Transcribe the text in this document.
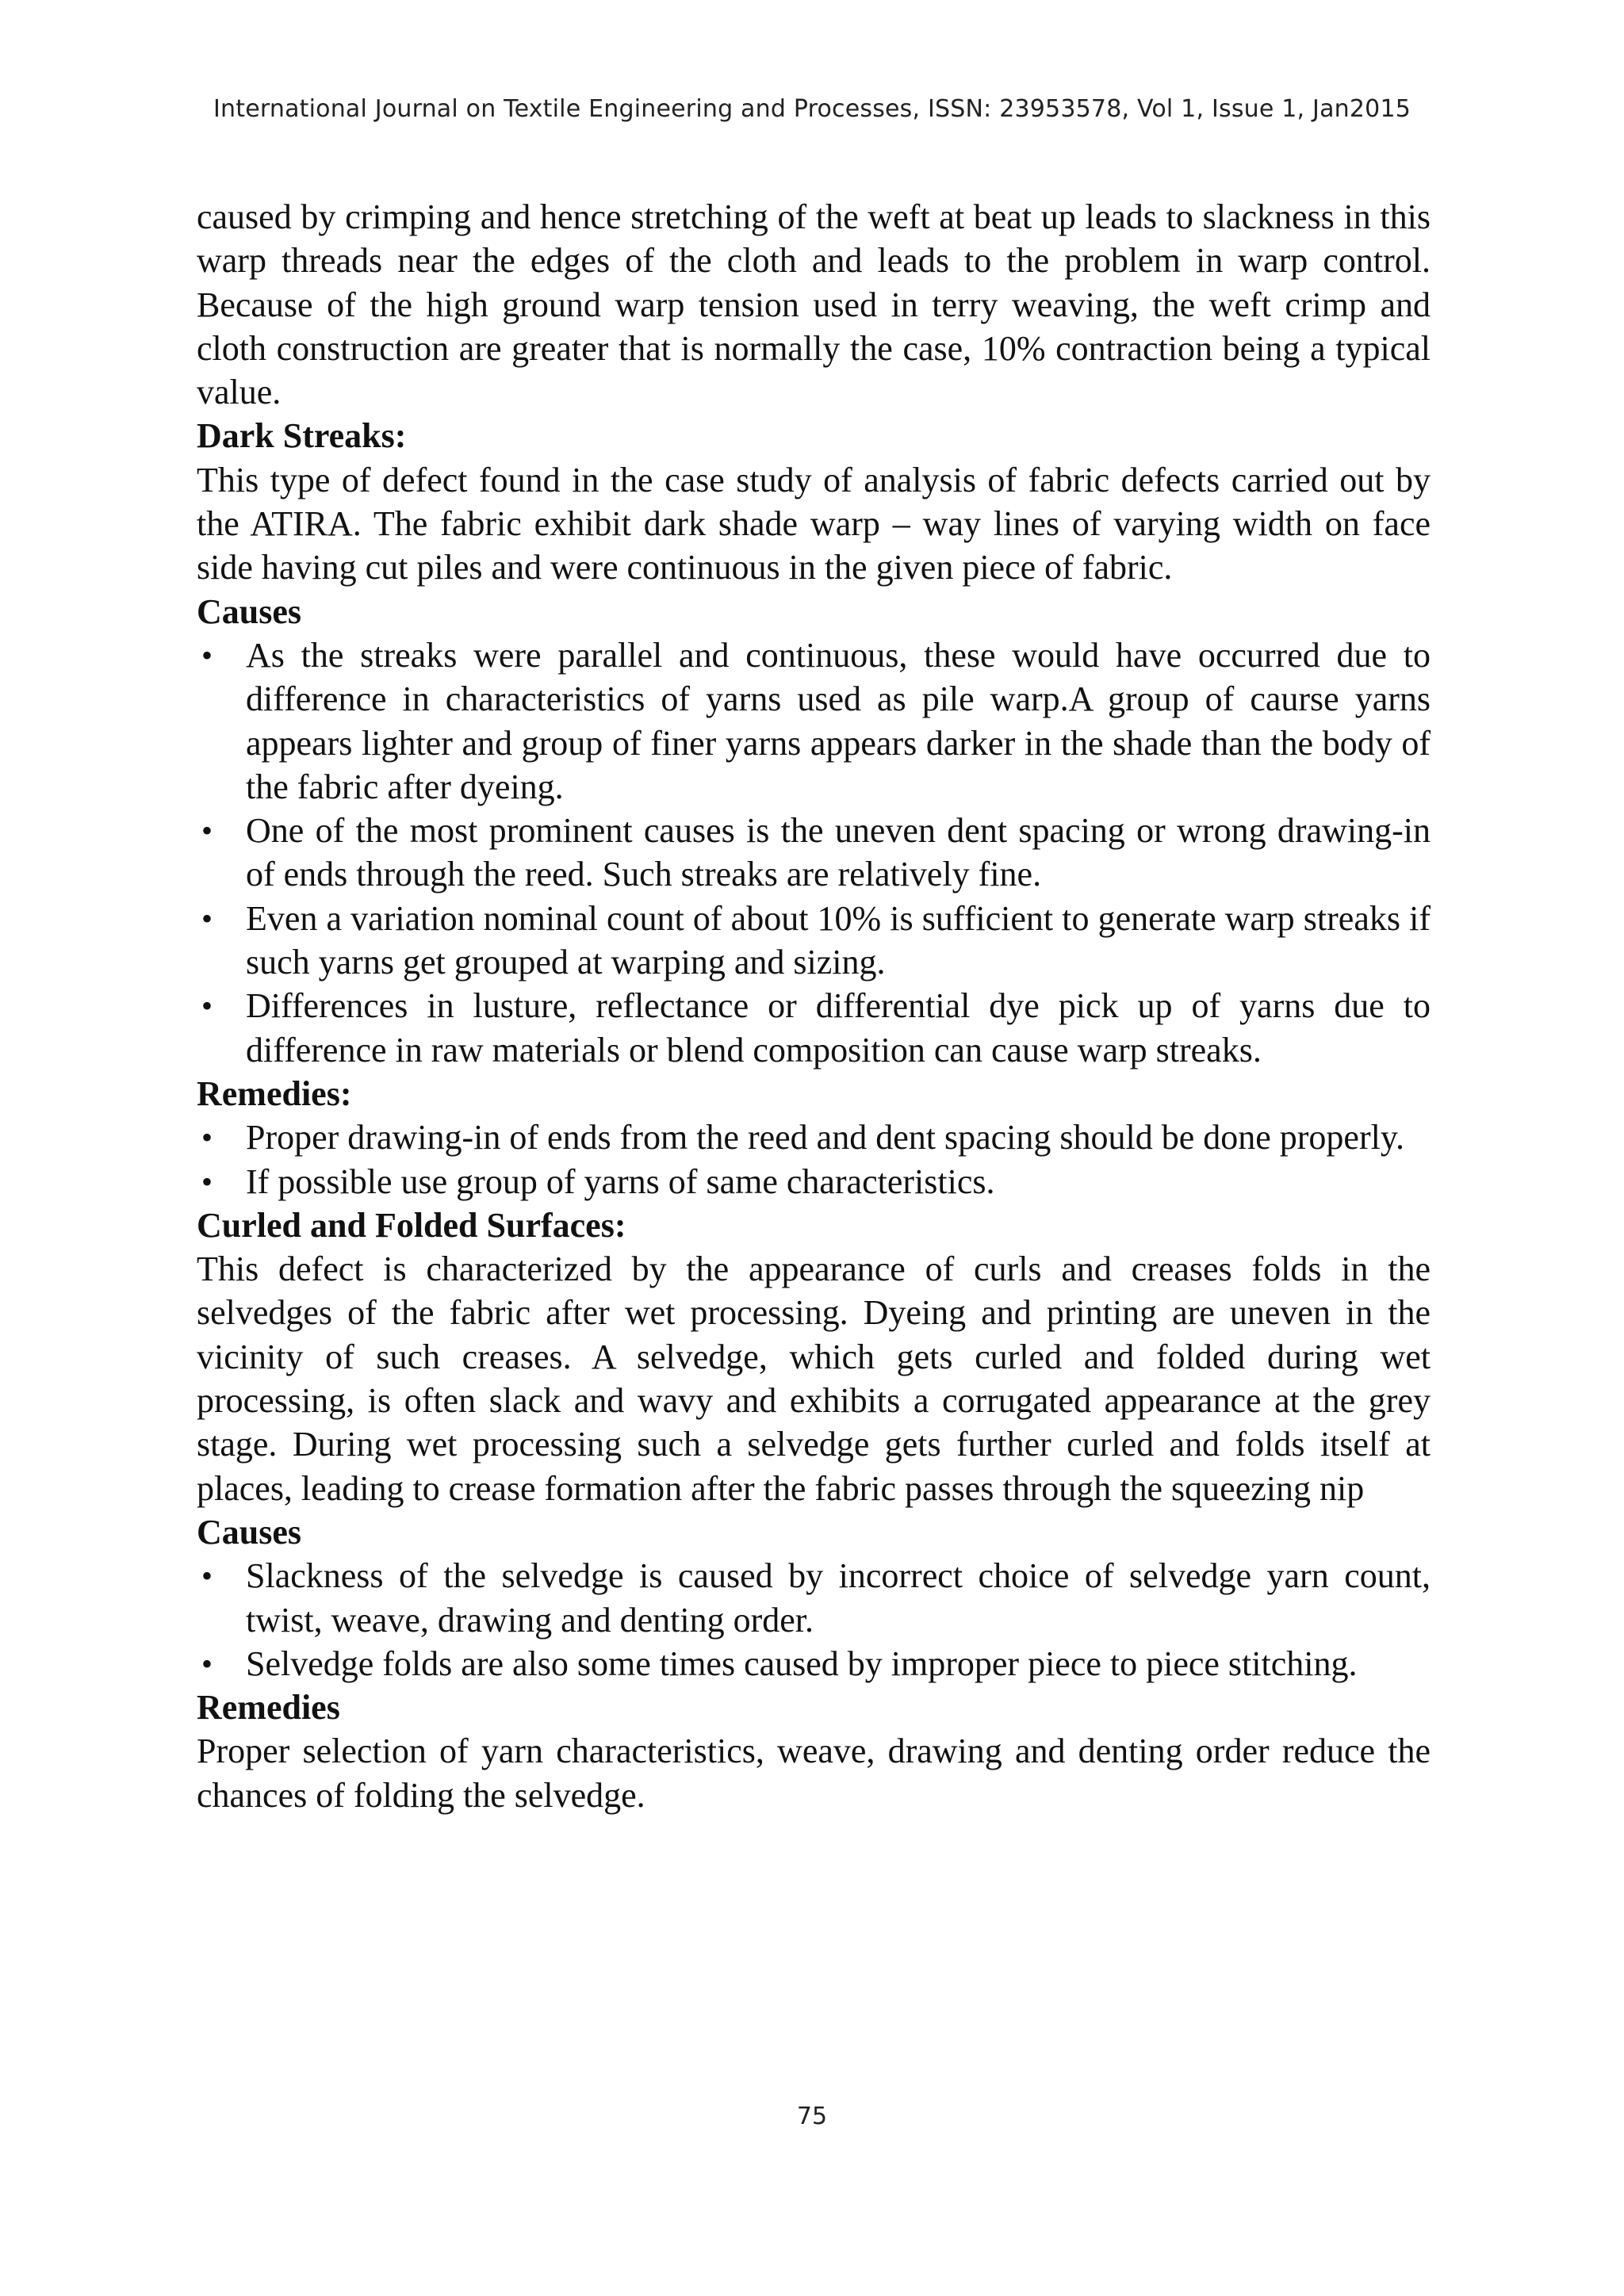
International Journal on Textile Engineering and Processes, ISSN: 23953578, Vol 1, Issue 1, Jan2015

caused by crimping and hence stretching of the weft at beat up leads to slackness in this warp threads near the edges of the cloth and leads to the problem in warp control. Because of the high ground warp tension used in terry weaving, the weft crimp and cloth construction are greater that is normally the case, 10% contraction being a typical value.

Dark Streaks:

This type of defect found in the case study of analysis of fabric defects carried out by the ATIRA. The fabric exhibit dark shade warp – way lines of varying width on face side having cut piles and were continuous in the given piece of fabric.

Causes
• As the streaks were parallel and continuous, these would have occurred due to difference in characteristics of yarns used as pile warp.A group of caurse yarns appears lighter and group of finer yarns appears darker in the shade than the body of the fabric after dyeing.
• One of the most prominent causes is the uneven dent spacing or wrong drawing-in of ends through the reed. Such streaks are relatively fine.
• Even a variation nominal count of about 10% is sufficient to generate warp streaks if such yarns get grouped at warping and sizing.
• Differences in lusture, reflectance or differential dye pick up of yarns due to difference in raw materials or blend composition can cause warp streaks.
Remedies:
• Proper drawing-in of ends from the reed and dent spacing should be done properly.
• If possible use group of yarns of same characteristics.
Curled and Folded Surfaces:

This defect is characterized by the appearance of curls and creases folds in the selvedges of the fabric after wet processing. Dyeing and printing are uneven in the vicinity of such creases. A selvedge, which gets curled and folded during wet processing, is often slack and wavy and exhibits a corrugated appearance at the grey stage. During wet processing such a selvedge gets further curled and folds itself at places, leading to crease formation after the fabric passes through the squeezing nip

Causes
• Slackness of the selvedge is caused by incorrect choice of selvedge yarn count, twist, weave, drawing and denting order.
• Selvedge folds are also some times caused by improper piece to piece stitching.
Remedies

Proper selection of yarn characteristics, weave, drawing and denting order reduce the chances of folding the selvedge.

75
